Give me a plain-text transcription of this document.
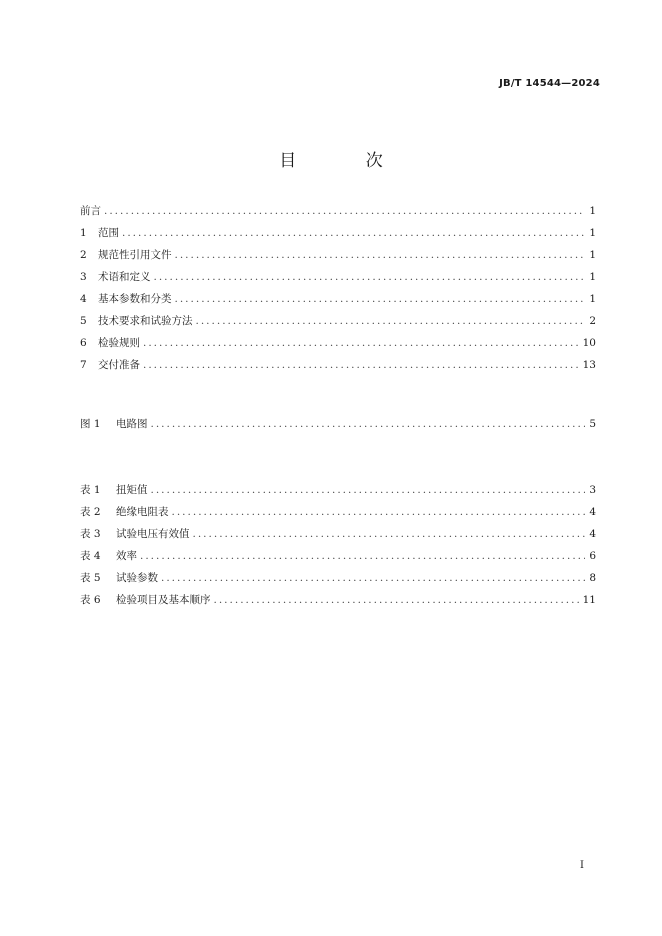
JB/T 14544—2024
目 次
前言 .....	1
1	范围 .....	1
2	规范性引用文件 .....	1
3	术语和定义 .....	1
4	基本参数和分类 .....	1
5	技术要求和试验方法 .....	2
6	检验规则 .....	10
7	交付准备 .....	13
图 1	电路图 .....	5
表 1	扭矩值 .....	3
表 2	绝缘电阻表 .....	4
表 3	试验电压有效值 .....	4
表 4	效率 .....	6
表 5	试验参数 .....	8
表 6	检验项目及基本顺序 .....	11
I
